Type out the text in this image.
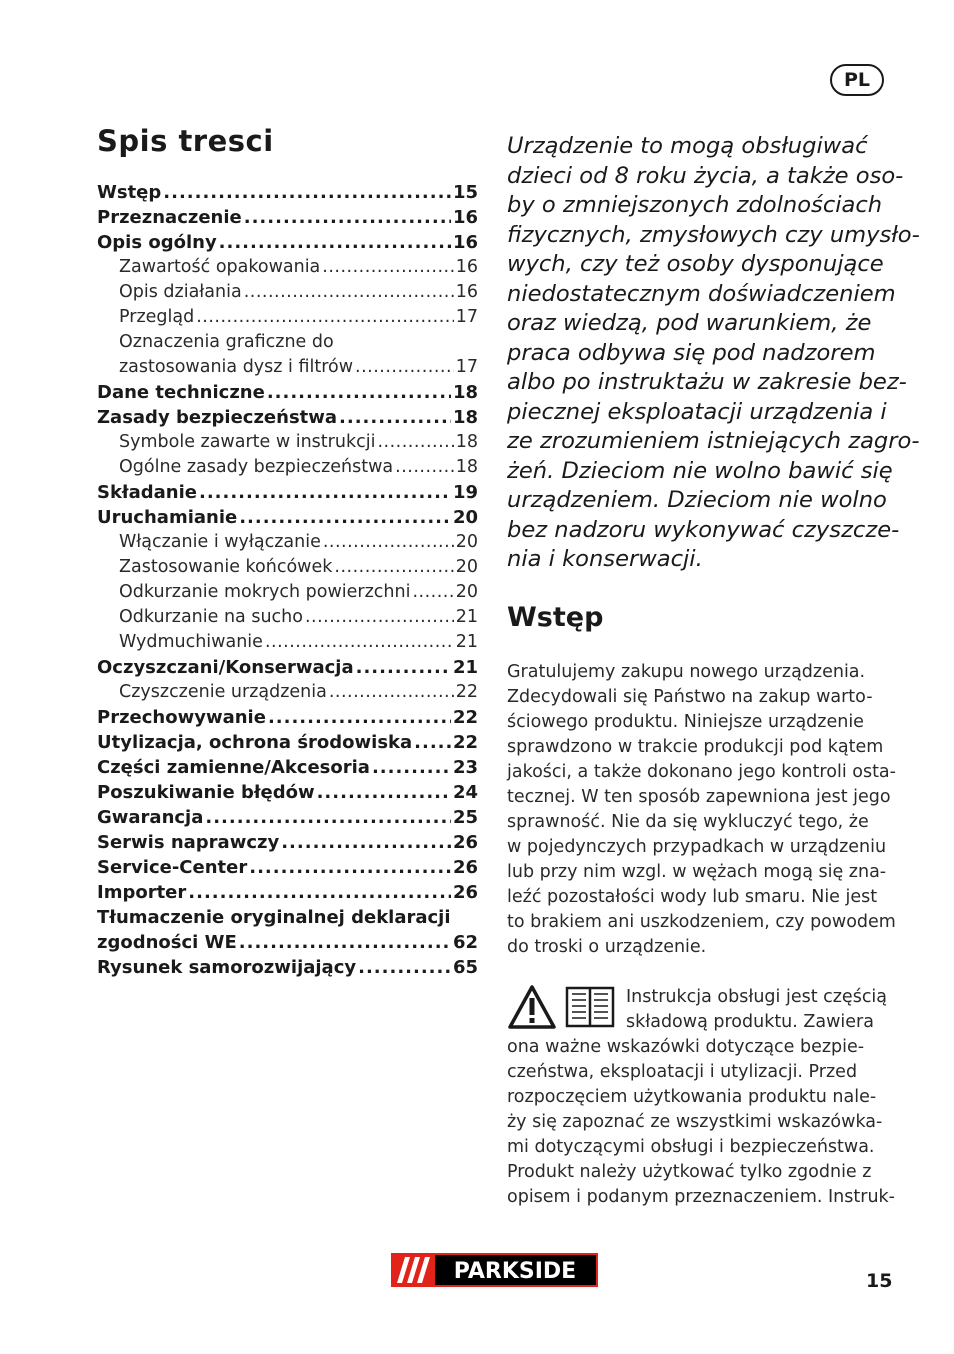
PL
Spis tresci
Wstęp .....	15
Przeznaczenie .....	16
Opis ogólny .....	16
Zawartość opakowania .....	16
Opis działania .....	16
Przegląd .....	17
Oznaczenia graficzne do
zastosowania dysz i filtrów .....	17
Dane techniczne .....	18
Zasady bezpieczeństwa .....	18
Symbole zawarte w instrukcji .....	18
Ogólne zasady bezpieczeństwa .....	18
Składanie .....	19
Uruchamianie .....	20
Włączanie i wyłączanie .....	20
Zastosowanie końcówek .....	20
Odkurzanie mokrych powierzchni .....	20
Odkurzanie na sucho .....	21
Wydmuchiwanie .....	21
Oczyszczani/Konserwacja .....	21
Czyszczenie urządzenia .....	22
Przechowywanie .....	22
Utylizacja, ochrona środowiska ..... 22
Części zamienne/Akcesoria .....	23
Poszukiwanie błędów .....	24
Gwarancja .....	25
Serwis naprawczy .....	26
Service-Center .....	26
Importer .....	26
Tłumaczenie oryginalnej deklaracji
zgodności WE .....	62
Rysunek samorozwijający .....	65

Urządzenie to mogą obsługiwać
dzieci od 8 roku życia, a także oso-
by o zmniejszonych zdolnościach
fizycznych, zmysłowych czy umysło-
wych, czy też osoby dysponujące
niedostatecznym doświadczeniem
oraz wiedzą, pod warunkiem, że
praca odbywa się pod nadzorem
albo po instruktażu w zakresie bez-
piecznej eksploatacji urządzenia i
ze zrozumieniem istniejących zagro-
żeń. Dzieciom nie wolno bawić się
urządzeniem. Dzieciom nie wolno
bez nadzoru wykonywać czyszcze-
nia i konserwacji.

Wstęp

Gratulujemy zakupu nowego urządzenia.
Zdecydowali się Państwo na zakup warto-
ściowego produktu. Niniejsze urządzenie
sprawdzono w trakcie produkcji pod kątem
jakości, a także dokonano jego kontroli osta-
tecznej. W ten sposób zapewniona jest jego
sprawność. Nie da się wykluczyć tego, że
w pojedynczych przypadkach w urządzeniu
lub przy nim wzgl. w wężach mogą się zna-
leźć pozostałości wody lub smaru. Nie jest
to brakiem ani uszkodzeniem, czy powodem
do troski o urządzenie.

Instrukcja obsługi jest częścią
składową produktu. Zawiera
ona ważne wskazówki dotyczące bezpie-
czeństwa, eksploatacji i utylizacji. Przed
rozpoczęciem użytkowania produktu nale-
ży się zapoznać ze wszystkimi wskazówka-
mi dotyczącymi obsługi i bezpieczeństwa.
Produkt należy użytkować tylko zgodnie z
opisem i podanym przeznaczeniem. Instruk-

PARKSIDE	15
